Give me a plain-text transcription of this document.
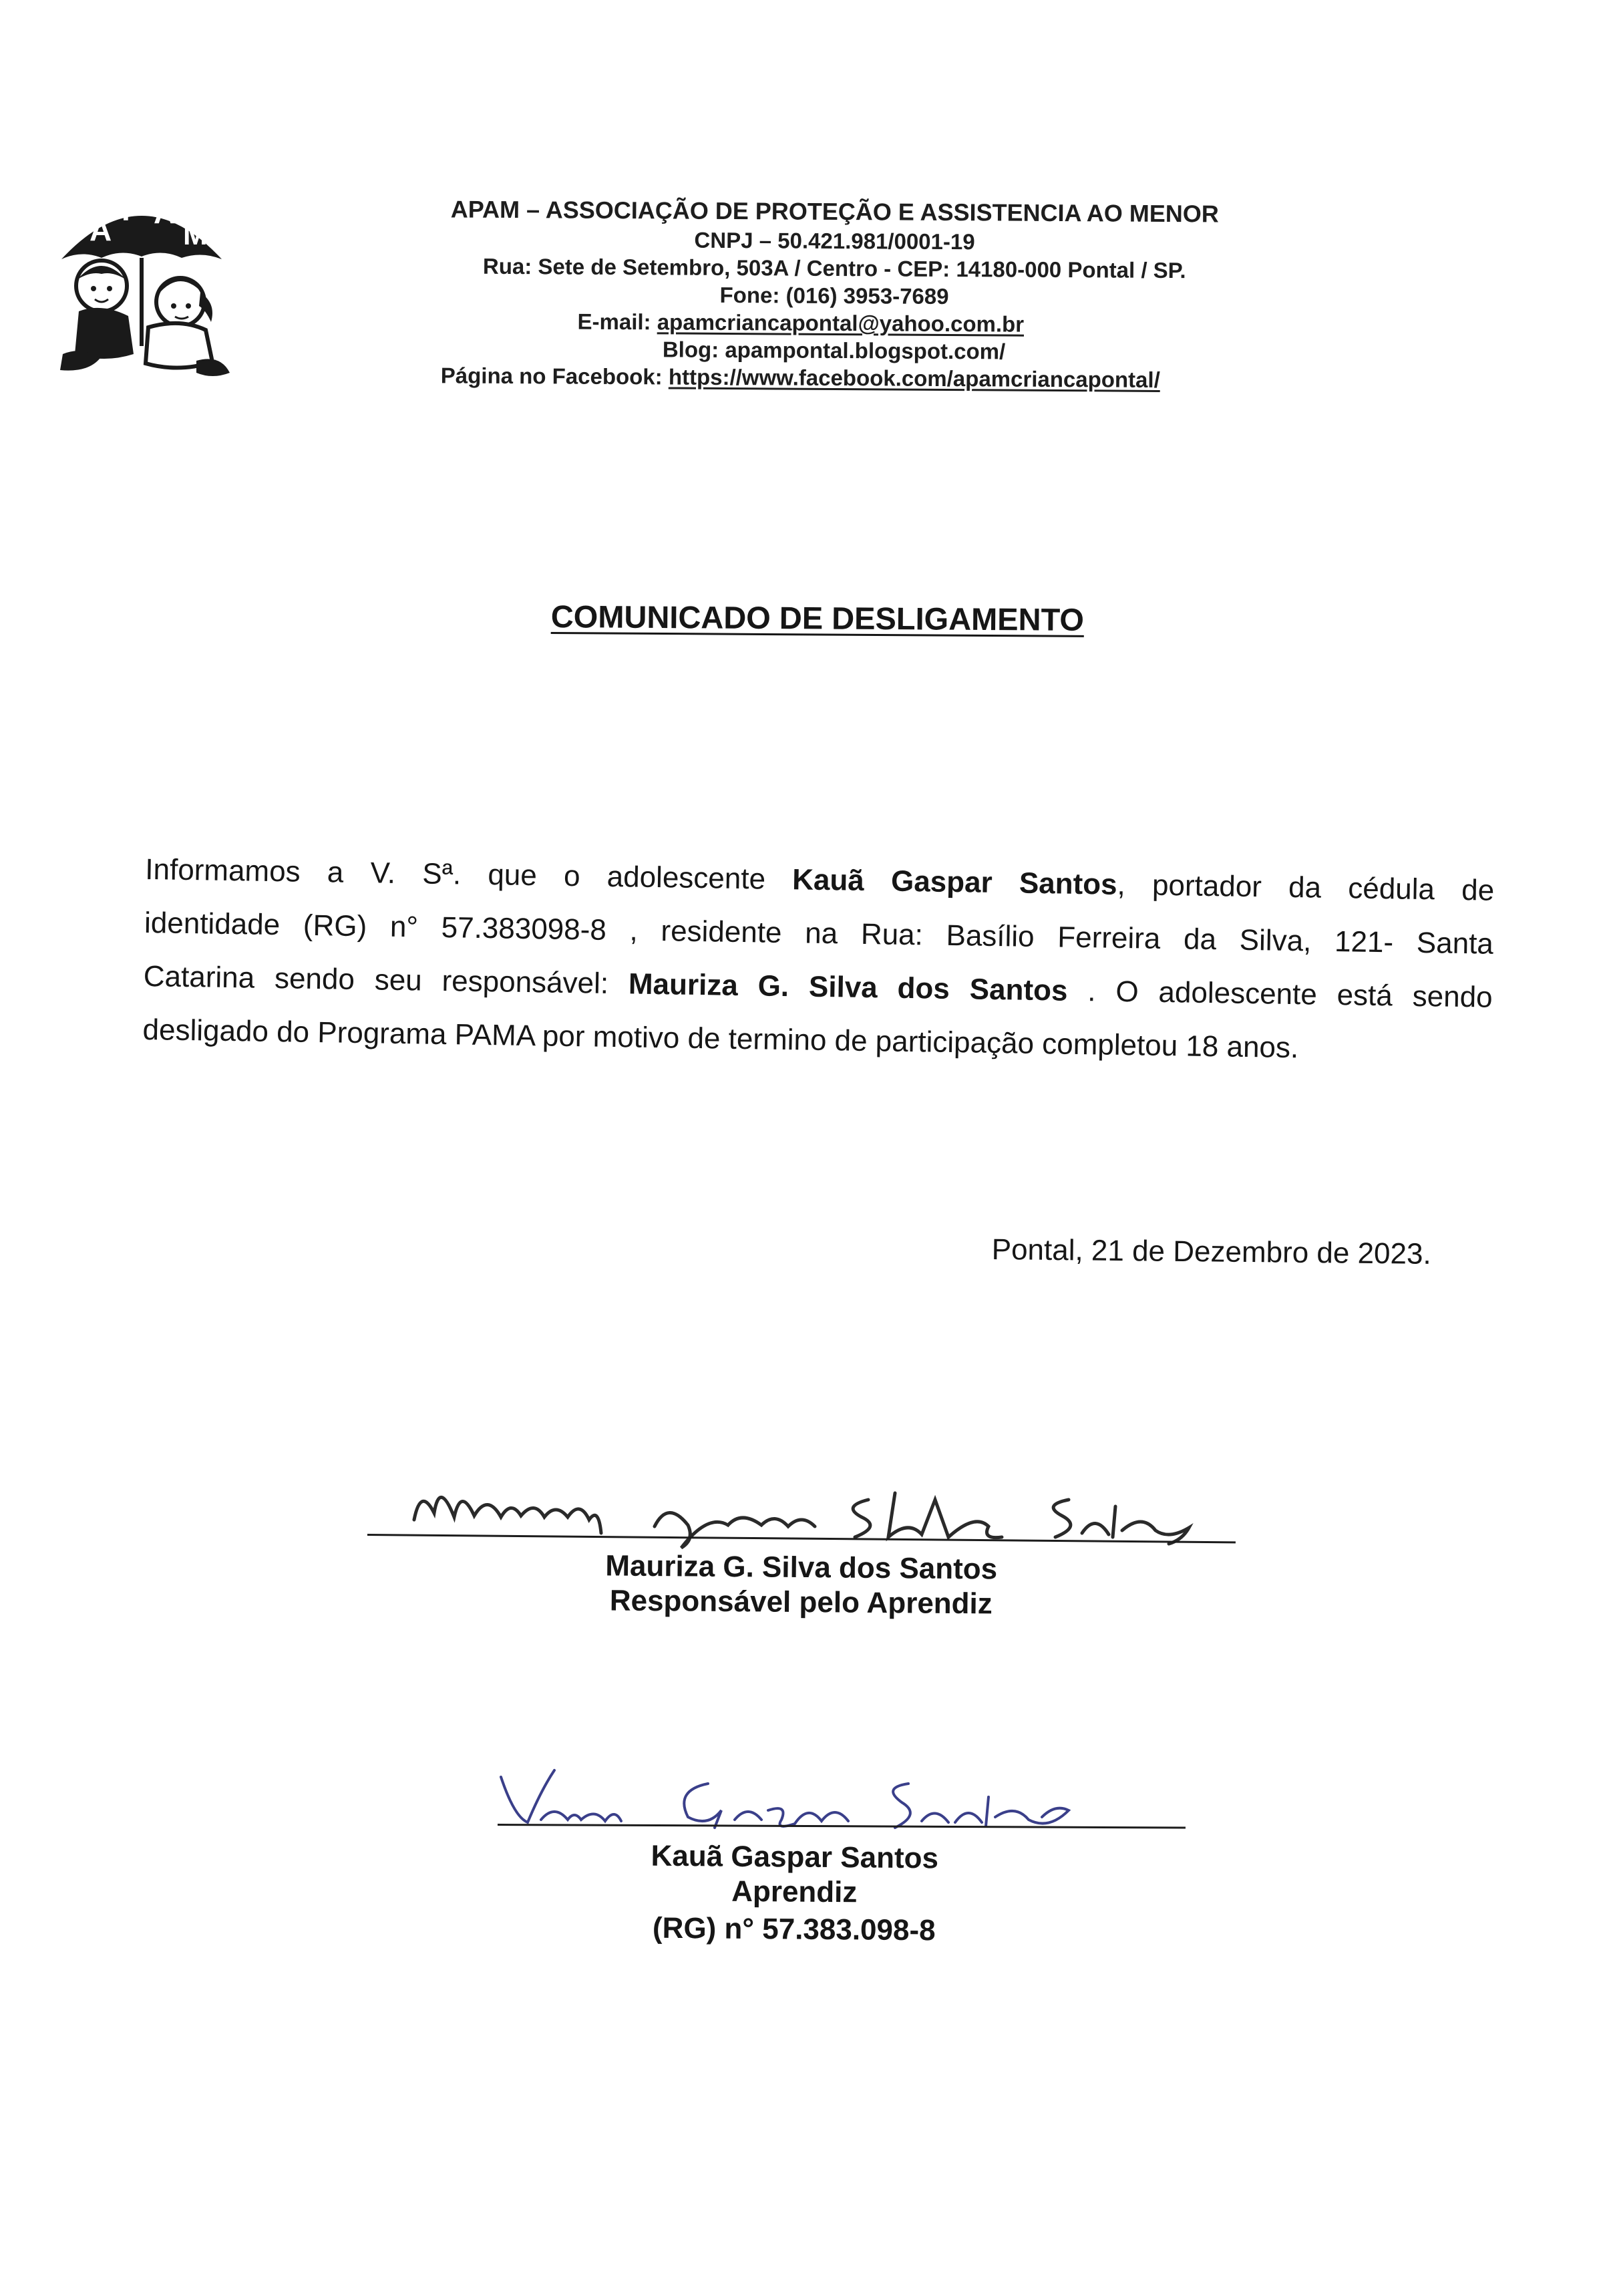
A
P A
M
APAM – ASSOCIAÇÃO DE PROTEÇÃO E ASSISTENCIA AO MENOR
CNPJ – 50.421.981/0001-19
Rua: Sete de Setembro, 503A / Centro - CEP: 14180-000 Pontal / SP.
Fone: (016) 3953-7689
E-mail: apamcriancapontal@yahoo.com.br
Blog: apampontal.blogspot.com/
Página no Facebook: https://www.facebook.com/apamcriancapontal/
COMUNICADO DE DESLIGAMENTO
Informamos a V. Sª. que o adolescente Kauã Gaspar Santos, portador da cédula de
identidade (RG) n° 57.383098-8 , residente na Rua: Basílio Ferreira da Silva, 121- Santa
Catarina sendo seu responsável: Mauriza G. Silva dos Santos . O adolescente está sendo
desligado do Programa PAMA por motivo de termino de participação completou 18 anos.
Pontal, 21 de Dezembro de 2023.
Mauriza G. Silva dos Santos
Responsável pelo Aprendiz
Kauã Gaspar Santos
Aprendiz
(RG) n° 57.383.098-8
